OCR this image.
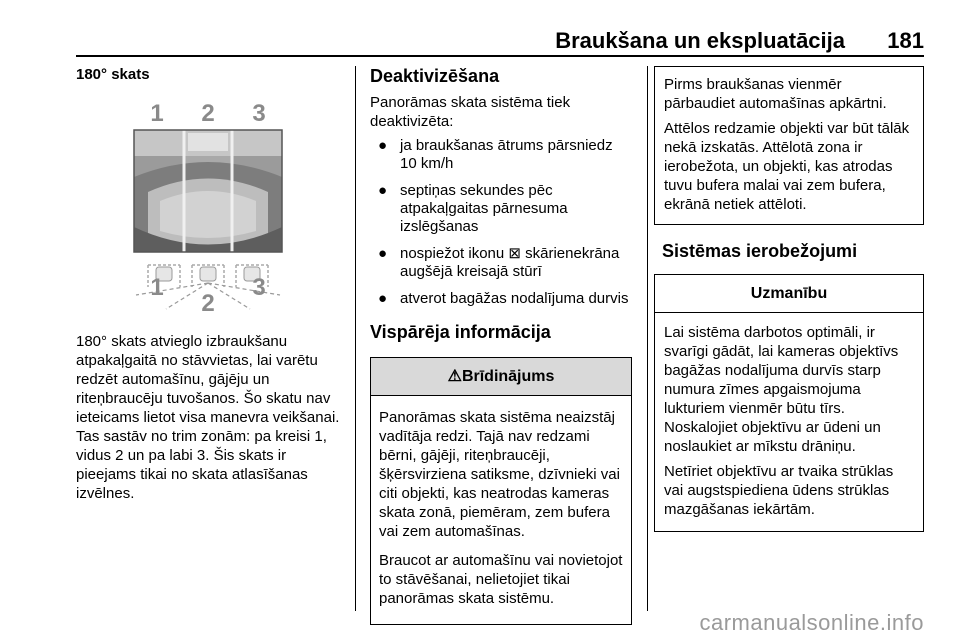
Braukšana un ekspluatācija 181
180° skats
1 2 3
1
2
3
180° skats atvieglo izbraukšanu atpakaļgaitā no stāvvietas, lai varētu redzēt automašīnu, gājēju un riteņbraucēju tuvošanos. Šo skatu nav ieteicams lietot visa manevra veikšanai. Tas sastāv no trim zonām: pa kreisi 1, vidus 2 un pa labi 3. Šis skats ir pieejams tikai no skata atlasīšanas izvēlnes.
Deaktivizēšana
Panorāmas skata sistēma tiek deaktivizēta:
● ja braukšanas ātrums pārsniedz 10 km/h
● septiņas sekundes pēc atpakaļgaitas pārnesuma izslēgšanas
● nospiežot ikonu ⊠ skārienekrāna augšējā kreisajā stūrī
● atverot bagāžas nodalījuma durvis
Vispārēja informācija
⚠Brīdinājums

Panorāmas skata sistēma neaizstāj vadītāja redzi. Tajā nav redzami bērni, gājēji, riteņbraucēji, šķērsvirziena satiksme, dzīvnieki vai citi objekti, kas neatrodas kameras skata zonā, piemēram, zem bufera vai zem automašīnas.

Braucot ar automašīnu vai novietojot to stāvēšanai, nelietojiet tikai panorāmas skata sistēmu.

Pirms braukšanas vienmēr pārbaudiet automašīnas apkārtni.

Attēlos redzamie objekti var būt tālāk nekā izskatās. Attēlotā zona ir ierobežota, un objekti, kas atrodas tuvu bufera malai vai zem bufera, ekrānā netiek attēloti.

Sistēmas ierobežojumi
Uzmanību

Lai sistēma darbotos optimāli, ir svarīgi gādāt, lai kameras objektīvs bagāžas nodalījuma durvīs starp numura zīmes apgaismojuma lukturiem vienmēr būtu tīrs. Noskalojiet objektīvu ar ūdeni un noslaukiet ar mīkstu drāniņu.

Netīriet objektīvu ar tvaika strūklas vai augstspiediena ūdens strūklas mazgāšanas iekārtām.

carmanualsonline.info
